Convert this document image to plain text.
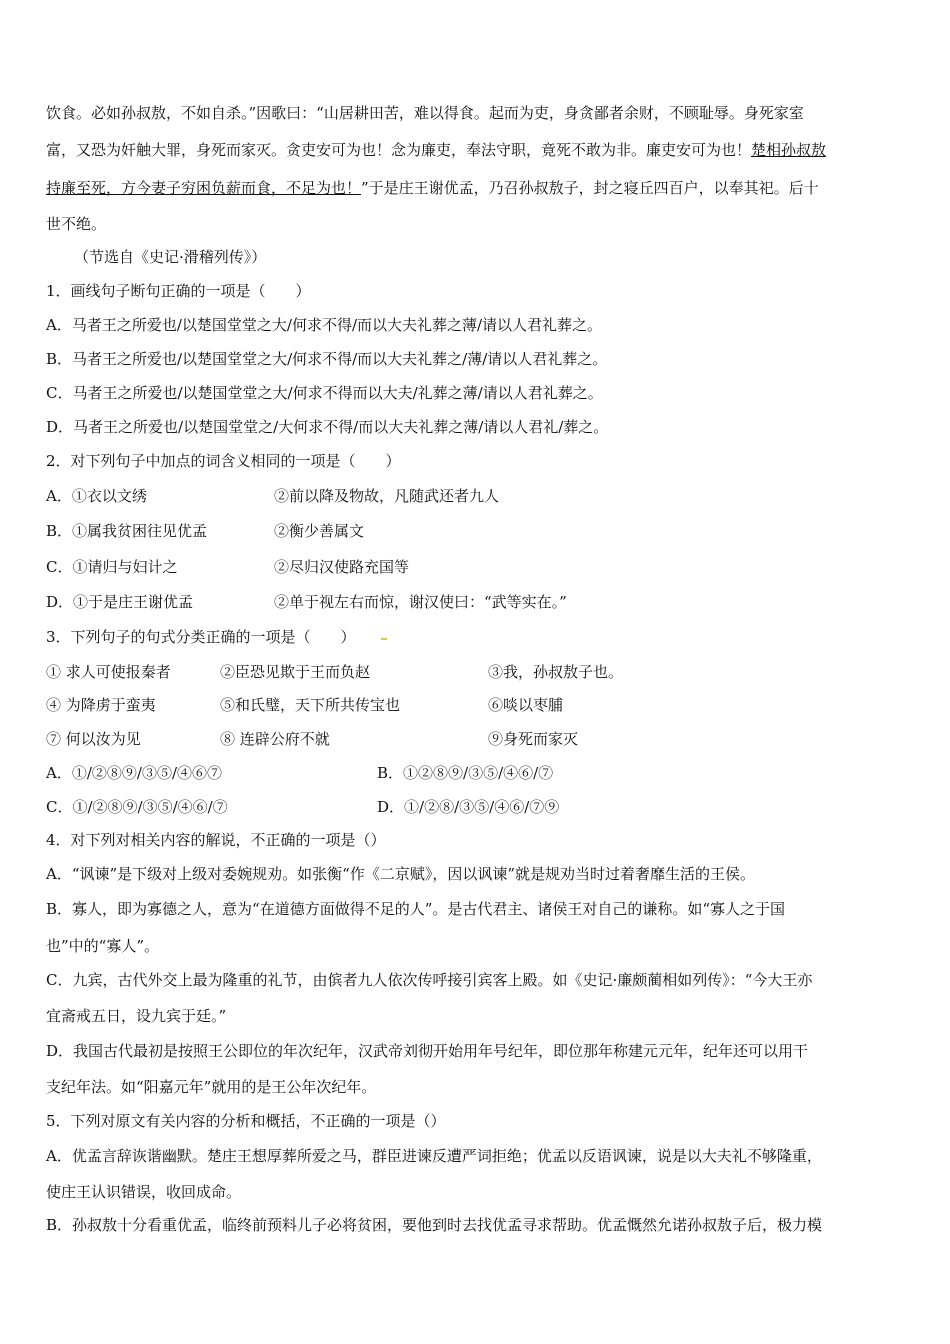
饮食。必如孙叔敖，不如自杀。”因歌曰：“山居耕田苦，难以得食。起而为吏，身贪鄙者余财，不顾耻辱。身死家室
富，又恐为奸触大罪，身死而家灭。贪吏安可为也！念为廉吏，奉法守职，竟死不敢为非。廉吏安可为也！楚相孙叔敖
持廉至死，方今妻子穷困负薪而食，不足为也！”于是庄王谢优孟，乃召孙叔敖子，封之寝丘四百户，以奉其祀。后十
世不绝。
（节选自《史记·滑稽列传》）
1．画线句子断句正确的一项是（　　）
A．马者王之所爱也/以楚国堂堂之大/何求不得/而以大夫礼葬之薄/请以人君礼葬之。
B．马者王之所爱也/以楚国堂堂之大/何求不得/而以大夫礼葬之/薄/请以人君礼葬之。
C．马者王之所爱也/以楚国堂堂之大/何求不得而以大夫/礼葬之薄/请以人君礼葬之。
D．马者王之所爱也/以楚国堂堂之/大何求不得/而以大夫礼葬之薄/请以人君礼/葬之。
2．对下列句子中加点的词含义相同的一项是（　　）
A．①衣以文绣	②前以降及物故，凡随武还者九人
B．①属我贫困往见优孟	②衡少善属文
C．①请归与妇计之	②尽归汉使路充国等
D．①于是庄王谢优孟	②单于视左右而惊，谢汉使曰：“武等实在。”
3．下列句子的句式分类正确的一项是（　　）
① 求人可使报秦者	②臣恐见欺于王而负赵	③我，孙叔敖子也。
④ 为降虏于蛮夷	⑤和氏璧，天下所共传宝也	⑥啖以枣脯
⑦ 何以汝为见	⑧ 连辟公府不就	⑨身死而家灭
A．①/②⑧⑨/③⑤/④⑥⑦	B．①②⑧⑨/③⑤/④⑥/⑦
C．①/②⑧⑨/③⑤/④⑥/⑦	D．①/②⑧/③⑤/④⑥/⑦⑨
4．对下列对相关内容的解说，不正确的一项是（）
A．“讽谏”是下级对上级对委婉规劝。如张衡“作《二京赋》，因以讽谏”就是规劝当时过着奢靡生活的王侯。
B．寡人，即为寡德之人，意为“在道德方面做得不足的人”。是古代君主、诸侯王对自己的谦称。如“寡人之于国
也”中的“寡人”。
C．九宾，古代外交上最为隆重的礼节，由傧者九人依次传呼接引宾客上殿。如《史记·廉颇蔺相如列传》：“今大王亦
宜斋戒五日，设九宾于廷。”
D．我国古代最初是按照王公即位的年次纪年，汉武帝刘彻开始用年号纪年，即位那年称建元元年，纪年还可以用干
支纪年法。如“阳嘉元年”就用的是王公年次纪年。
5．下列对原文有关内容的分析和概括，不正确的一项是（）
A．优孟言辞诙谐幽默。楚庄王想厚葬所爱之马，群臣进谏反遭严词拒绝；优孟以反语讽谏，说是以大夫礼不够隆重，
使庄王认识错误，收回成命。
B．孙叔敖十分看重优孟，临终前预料儿子必将贫困，要他到时去找优孟寻求帮助。优孟慨然允诺孙叔敖子后，极力模
